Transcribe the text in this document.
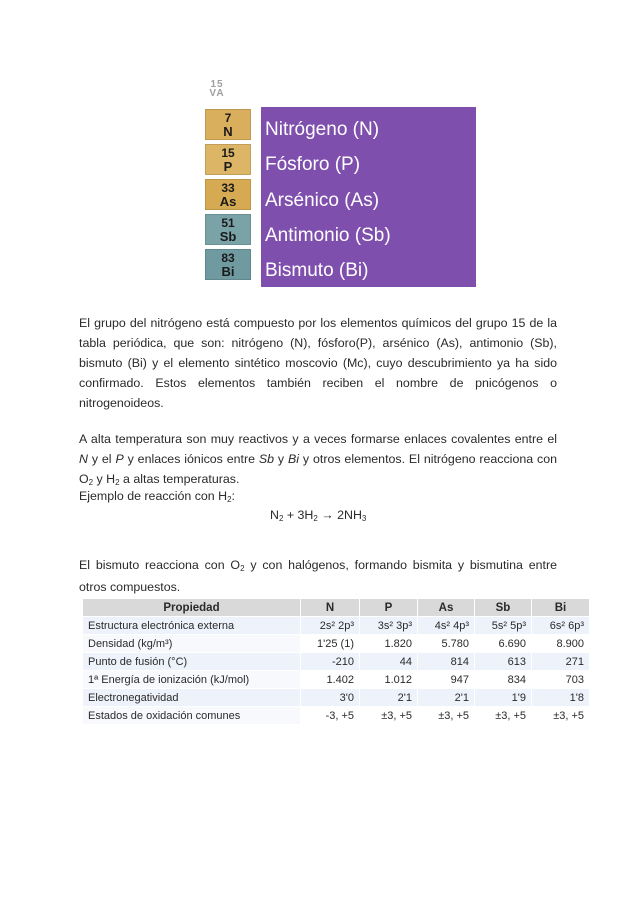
15
VA
7
N
15
P
33
As
51
Sb
83
Bi
Nitrógeno (N)
Fósforo (P)
Arsénico (As)
Antimonio (Sb)
Bismuto (Bi)
El grupo del nitrógeno está compuesto por los elementos químicos del grupo 15 de la tabla periódica, que son: nitrógeno (N), fósforo(P), arsénico (As), antimonio (Sb), bismuto (Bi) y el elemento sintético moscovio (Mc), cuyo descubrimiento ya ha sido confirmado. Estos elementos también reciben el nombre de pnicógenos o nitrogenoideos.
A alta temperatura son muy reactivos y a veces formarse enlaces covalentes entre el N y el P y enlaces iónicos entre Sb y Bi y otros elementos. El nitrógeno reacciona con $O_2$ y $H_2$ a altas temperaturas.
Ejemplo de reacción con $H_2$:
$N_2 + 3H_2 \to 2NH_3$
El bismuto reacciona con $O_2$ y con halógenos, formando bismita y bismutina entre otros compuestos.
Propiedad	N	P	As	Sb	Bi
Estructura electrónica externa	2s² 2p³	3s² 3p³	4s² 4p³	5s² 5p³	6s² 6p³
Densidad (kg/m³)	1'25 (1)	1.820	5.780	6.690	8.900
Punto de fusión (°C)	-210	44	814	613	271
1ª Energía de ionización (kJ/mol)	1.402	1.012	947	834	703
Electronegatividad	3'0	2'1	2'1	1'9	1'8
Estados de oxidación comunes	-3, +5	±3, +5	±3, +5	±3, +5	±3, +5
